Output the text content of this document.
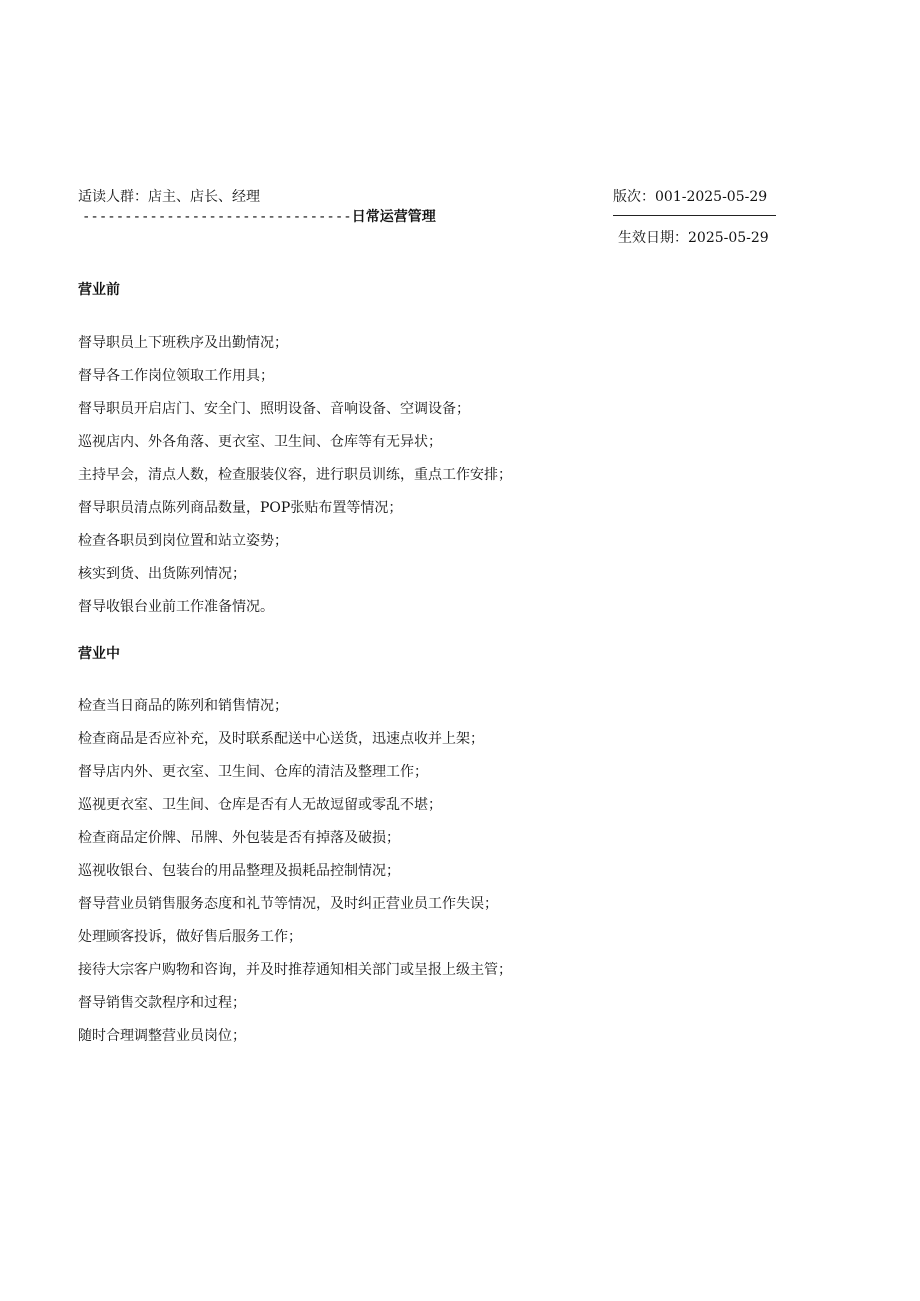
适读人群：店主、店长、经理
--------------------------------日常运营管理
版次：001-2025-05-29
生效日期：2025-05-29
营业前
督导职员上下班秩序及出勤情况；
督导各工作岗位领取工作用具；
督导职员开启店门、安全门、照明设备、音响设备、空调设备；
巡视店内、外各角落、更衣室、卫生间、仓库等有无异状；
主持早会，清点人数，检查服装仪容，进行职员训练，重点工作安排；
督导职员清点陈列商品数量，POP张贴布置等情况；
检查各职员到岗位置和站立姿势；
核实到货、出货陈列情况；
督导收银台业前工作准备情况。
营业中
检查当日商品的陈列和销售情况；
检查商品是否应补充，及时联系配送中心送货，迅速点收并上架；
督导店内外、更衣室、卫生间、仓库的清洁及整理工作；
巡视更衣室、卫生间、仓库是否有人无故逗留或零乱不堪；
检查商品定价牌、吊牌、外包装是否有掉落及破损；
巡视收银台、包装台的用品整理及损耗品控制情况；
督导营业员销售服务态度和礼节等情况，及时纠正营业员工作失误；
处理顾客投诉，做好售后服务工作；
接待大宗客户购物和咨询，并及时推荐通知相关部门或呈报上级主管；
督导销售交款程序和过程；
随时合理调整营业员岗位；
